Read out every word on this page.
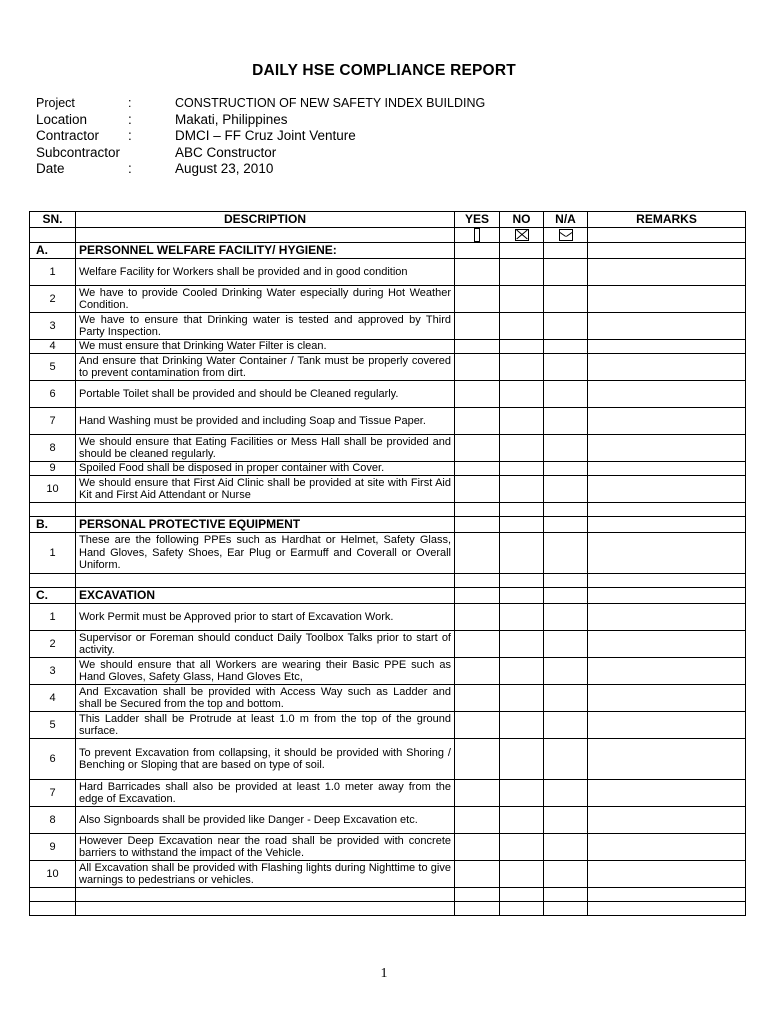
DAILY HSE COMPLIANCE REPORT
Project	:	CONSTRUCTION OF NEW SAFETY INDEX BUILDING
Location	:	Makati, Philippines
Contractor	:	DMCI – FF Cruz Joint Venture
Subcontractor	ABC Constructor
Date	:	August 23, 2010
SN.	DESCRIPTION	YES	NO	N/A	REMARKS

A.	PERSONNEL WELFARE FACILITY/ HYGIENE:				
1	Welfare Facility for Workers shall be provided and in good condition				
2	We have to provide Cooled Drinking Water especially during Hot Weather Condition.				
3	We have to ensure that Drinking water is tested and approved by Third Party Inspection.				
4	We must ensure that Drinking Water Filter is clean.				
5	And ensure that Drinking Water Container / Tank must be properly covered to prevent contamination from dirt.				
6	Portable Toilet shall be provided and should be Cleaned regularly.				
7	Hand Washing must be provided and including Soap and Tissue Paper.				
8	We should ensure that Eating Facilities or Mess Hall shall be provided and should be cleaned regularly.				
9	Spoiled Food shall be disposed in proper container with Cover.				
10	We should ensure that First Aid Clinic shall be provided at site with First Aid Kit and First Aid Attendant or Nurse				

B.	PERSONAL PROTECTIVE EQUIPMENT				
1	These are the following PPEs such as Hardhat or Helmet, Safety Glass, Hand Gloves, Safety Shoes, Ear Plug or Earmuff and Coverall or Overall Uniform.				

C.	EXCAVATION				
1	Work Permit must be Approved prior to start of Excavation Work.				
2	Supervisor or Foreman should conduct Daily Toolbox Talks prior to start of activity.				
3	We should ensure that all Workers are wearing their Basic PPE such as Hand Gloves, Safety Glass, Hand Gloves Etc,				
4	And Excavation shall be provided with Access Way such as Ladder and shall be Secured from the top and bottom.				
5	This Ladder shall be Protrude at least 1.0 m from the top of the ground surface.				
6	To prevent Excavation from collapsing, it should be provided with Shoring / Benching or Sloping that are based on type of soil.				
7	Hard Barricades shall also be provided at least 1.0 meter away from the edge of Excavation.				
8	Also Signboards shall be provided like Danger - Deep Excavation etc.				
9	However Deep Excavation near the road shall be provided with concrete barriers to withstand the impact of the Vehicle.				
10	All Excavation shall be provided with Flashing lights during Nighttime to give warnings to pedestrians or vehicles.				

1
